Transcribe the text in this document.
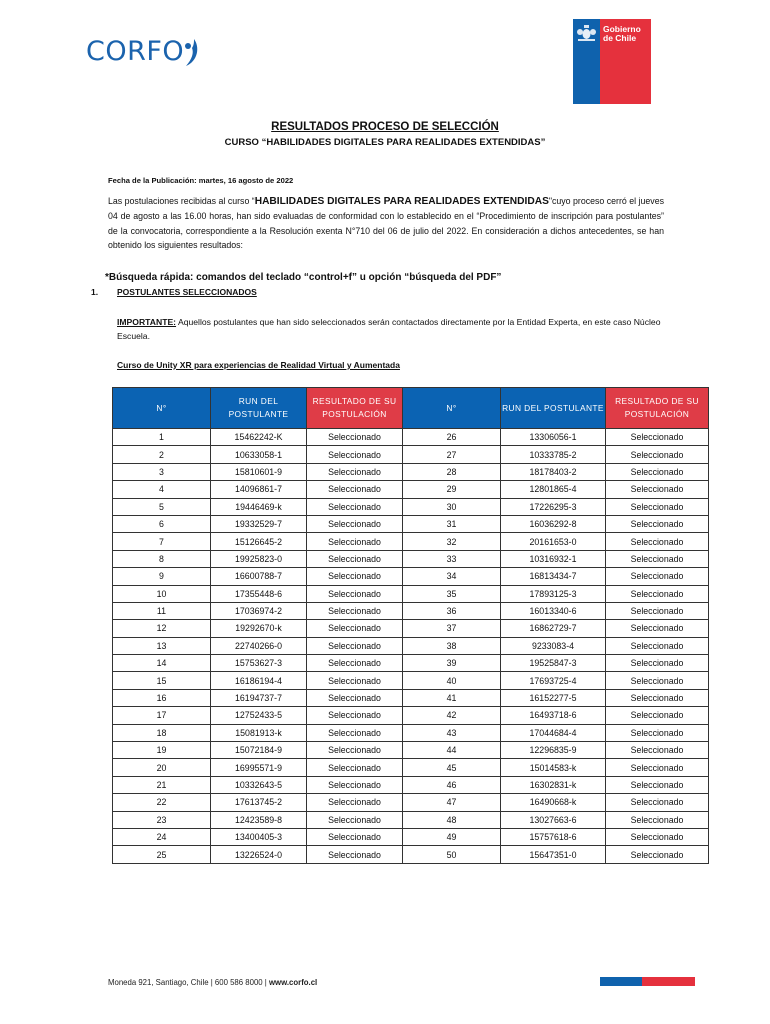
CORFO
Gobierno
de Chile
RESULTADOS PROCESO DE SELECCIÓN
CURSO “HABILIDADES DIGITALES PARA REALIDADES EXTENDIDAS”
Fecha de la Publicación: martes, 16 agosto de 2022
Las postulaciones recibidas al curso “HABILIDADES DIGITALES PARA REALIDADES EXTENDIDAS"cuyo proceso cerró el jueves 04 de agosto a las 16.00 horas, han sido evaluadas de conformidad con lo establecido en el “Procedimiento de inscripción para postulantes” de la convocatoria, correspondiente a la Resolución exenta N°710 del 06 de julio del 2022. En consideración a dichos antecedentes, se han obtenido los siguientes resultados:
*Búsqueda rápida: comandos del teclado “control+f” u opción “búsqueda del PDF”
1. POSTULANTES SELECCIONADOS
IMPORTANTE: Aquellos postulantes que han sido seleccionados serán contactados directamente por la Entidad Experta, en este caso Núcleo Escuela.
Curso de Unity XR para experiencias de Realidad Virtual y Aumentada
N°	RUN DEL POSTULANTE	RESULTADO DE SU POSTULACIÓN	N°	RUN DEL POSTULANTE	RESULTADO DE SU POSTULACIÓN
1	15462242-K	Seleccionado	26	13306056-1	Seleccionado
2	10633058-1	Seleccionado	27	10333785-2	Seleccionado
3	15810601-9	Seleccionado	28	18178403-2	Seleccionado
4	14096861-7	Seleccionado	29	12801865-4	Seleccionado
5	19446469-k	Seleccionado	30	17226295-3	Seleccionado
6	19332529-7	Seleccionado	31	16036292-8	Seleccionado
7	15126645-2	Seleccionado	32	20161653-0	Seleccionado
8	19925823-0	Seleccionado	33	10316932-1	Seleccionado
9	16600788-7	Seleccionado	34	16813434-7	Seleccionado
10	17355448-6	Seleccionado	35	17893125-3	Seleccionado
11	17036974-2	Seleccionado	36	16013340-6	Seleccionado
12	19292670-k	Seleccionado	37	16862729-7	Seleccionado
13	22740266-0	Seleccionado	38	9233083-4	Seleccionado
14	15753627-3	Seleccionado	39	19525847-3	Seleccionado
15	16186194-4	Seleccionado	40	17693725-4	Seleccionado
16	16194737-7	Seleccionado	41	16152277-5	Seleccionado
17	12752433-5	Seleccionado	42	16493718-6	Seleccionado
18	15081913-k	Seleccionado	43	17044684-4	Seleccionado
19	15072184-9	Seleccionado	44	12296835-9	Seleccionado
20	16995571-9	Seleccionado	45	15014583-k	Seleccionado
21	10332643-5	Seleccionado	46	16302831-k	Seleccionado
22	17613745-2	Seleccionado	47	16490668-k	Seleccionado
23	12423589-8	Seleccionado	48	13027663-6	Seleccionado
24	13400405-3	Seleccionado	49	15757618-6	Seleccionado
25	13226524-0	Seleccionado	50	15647351-0	Seleccionado
Moneda 921, Santiago, Chile | 600 586 8000 | www.corfo.cl
